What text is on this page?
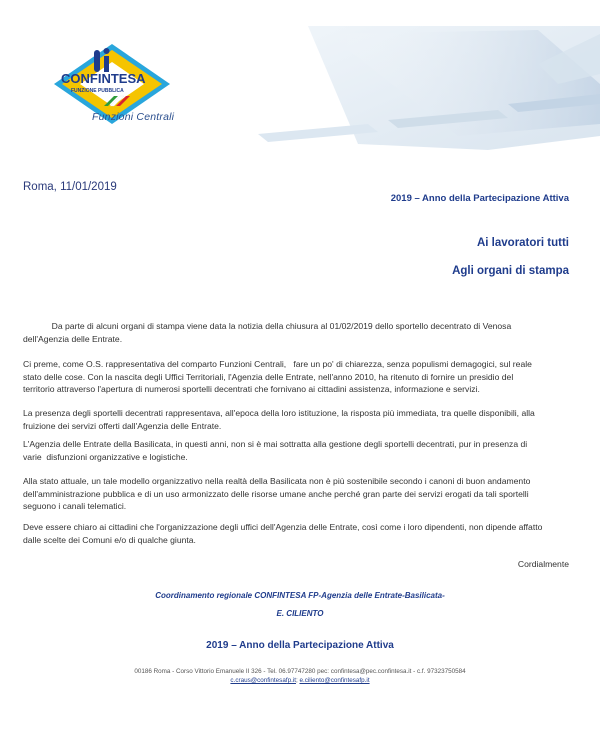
CONFINTESA
FUNZIONE PUBBLICA
Funzioni Centrali
Roma, 11/01/2019
2019 – Anno della Partecipazione Attiva
Ai lavoratori tutti
Agli organi di stampa
Da parte di alcuni organi di stampa viene data la notizia della chiusura al 01/02/2019 dello sportello decentrato di Venosa
dell'Agenzia delle Entrate.
Ci preme, come O.S. rappresentativa del comparto Funzioni Centrali,   fare un po' di chiarezza, senza populismi demagogici, sul reale
stato delle cose. Con la nascita degli Uffici Territoriali, l'Agenzia delle Entrate, nell'anno 2010, ha ritenuto di fornire un presidio del
territorio attraverso l'apertura di numerosi sportelli decentrati che fornivano ai cittadini assistenza, informazione e servizi.
La presenza degli sportelli decentrati rappresentava, all'epoca della loro istituzione, la risposta più immediata, tra quelle disponibili, alla
fruizione dei servizi offerti dall'Agenzia delle Entrate.
L'Agenzia delle Entrate della Basilicata, in questi anni, non si è mai sottratta alla gestione degli sportelli decentrati, pur in presenza di
varie  disfunzioni organizzative e logistiche.
Alla stato attuale, un tale modello organizzativo nella realtà della Basilicata non è più sostenibile secondo i canoni di buon andamento
dell'amministrazione pubblica e di un uso armonizzato delle risorse umane anche perché gran parte dei servizi erogati da tali sportelli
seguono i canali telematici.
Deve essere chiaro ai cittadini che l'organizzazione degli uffici dell'Agenzia delle Entrate, così come i loro dipendenti, non dipende affatto
dalle scelte dei Comuni e/o di qualche giunta.
Cordialmente
Coordinamento regionale CONFINTESA FP-Agenzia delle Entrate-Basilicata-
E. CILIENTO
2019 – Anno della Partecipazione Attiva
00186 Roma - Corso Vittorio Emanuele II 326 - Tel. 06.97747280 pec: confintesa@pec.confintesa.it - c.f. 97323750584
c.craus@confintesafp.it; e.ciliento@confintesafp.it
